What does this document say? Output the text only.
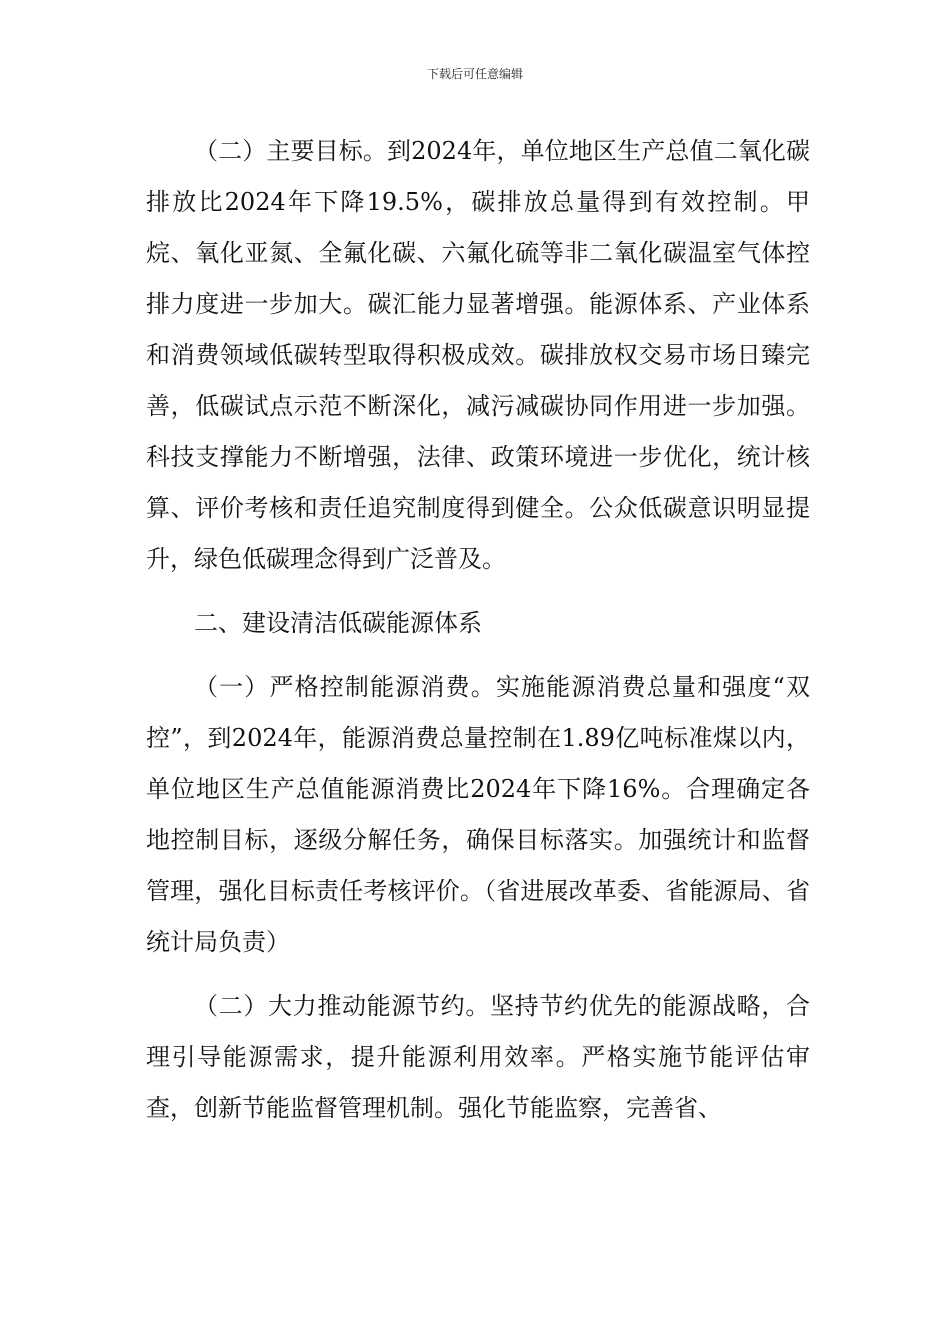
下载后可任意编辑

（二）主要目标。到2024年，单位地区生产总值二氧化碳排放比2024年下降19.5%，碳排放总量得到有效控制。甲烷、氧化亚氮、全氟化碳、六氟化硫等非二氧化碳温室气体控排力度进一步加大。碳汇能力显著增强。能源体系、产业体系和消费领域低碳转型取得积极成效。碳排放权交易市场日臻完善，低碳试点示范不断深化，减污减碳协同作用进一步加强。科技支撑能力不断增强，法律、政策环境进一步优化，统计核算、评价考核和责任追究制度得到健全。公众低碳意识明显提升，绿色低碳理念得到广泛普及。

二、建设清洁低碳能源体系

（一）严格控制能源消费。实施能源消费总量和强度“双控”，到2024年，能源消费总量控制在1.89亿吨标准煤以内，单位地区生产总值能源消费比2024年下降16%。合理确定各地控制目标，逐级分解任务，确保目标落实。加强统计和监督管理，强化目标责任考核评价。（省进展改革委、省能源局、省统计局负责）

（二）大力推动能源节约。坚持节约优先的能源战略，合理引导能源需求，提升能源利用效率。严格实施节能评估审查，创新节能监督管理机制。强化节能监察，完善省、
